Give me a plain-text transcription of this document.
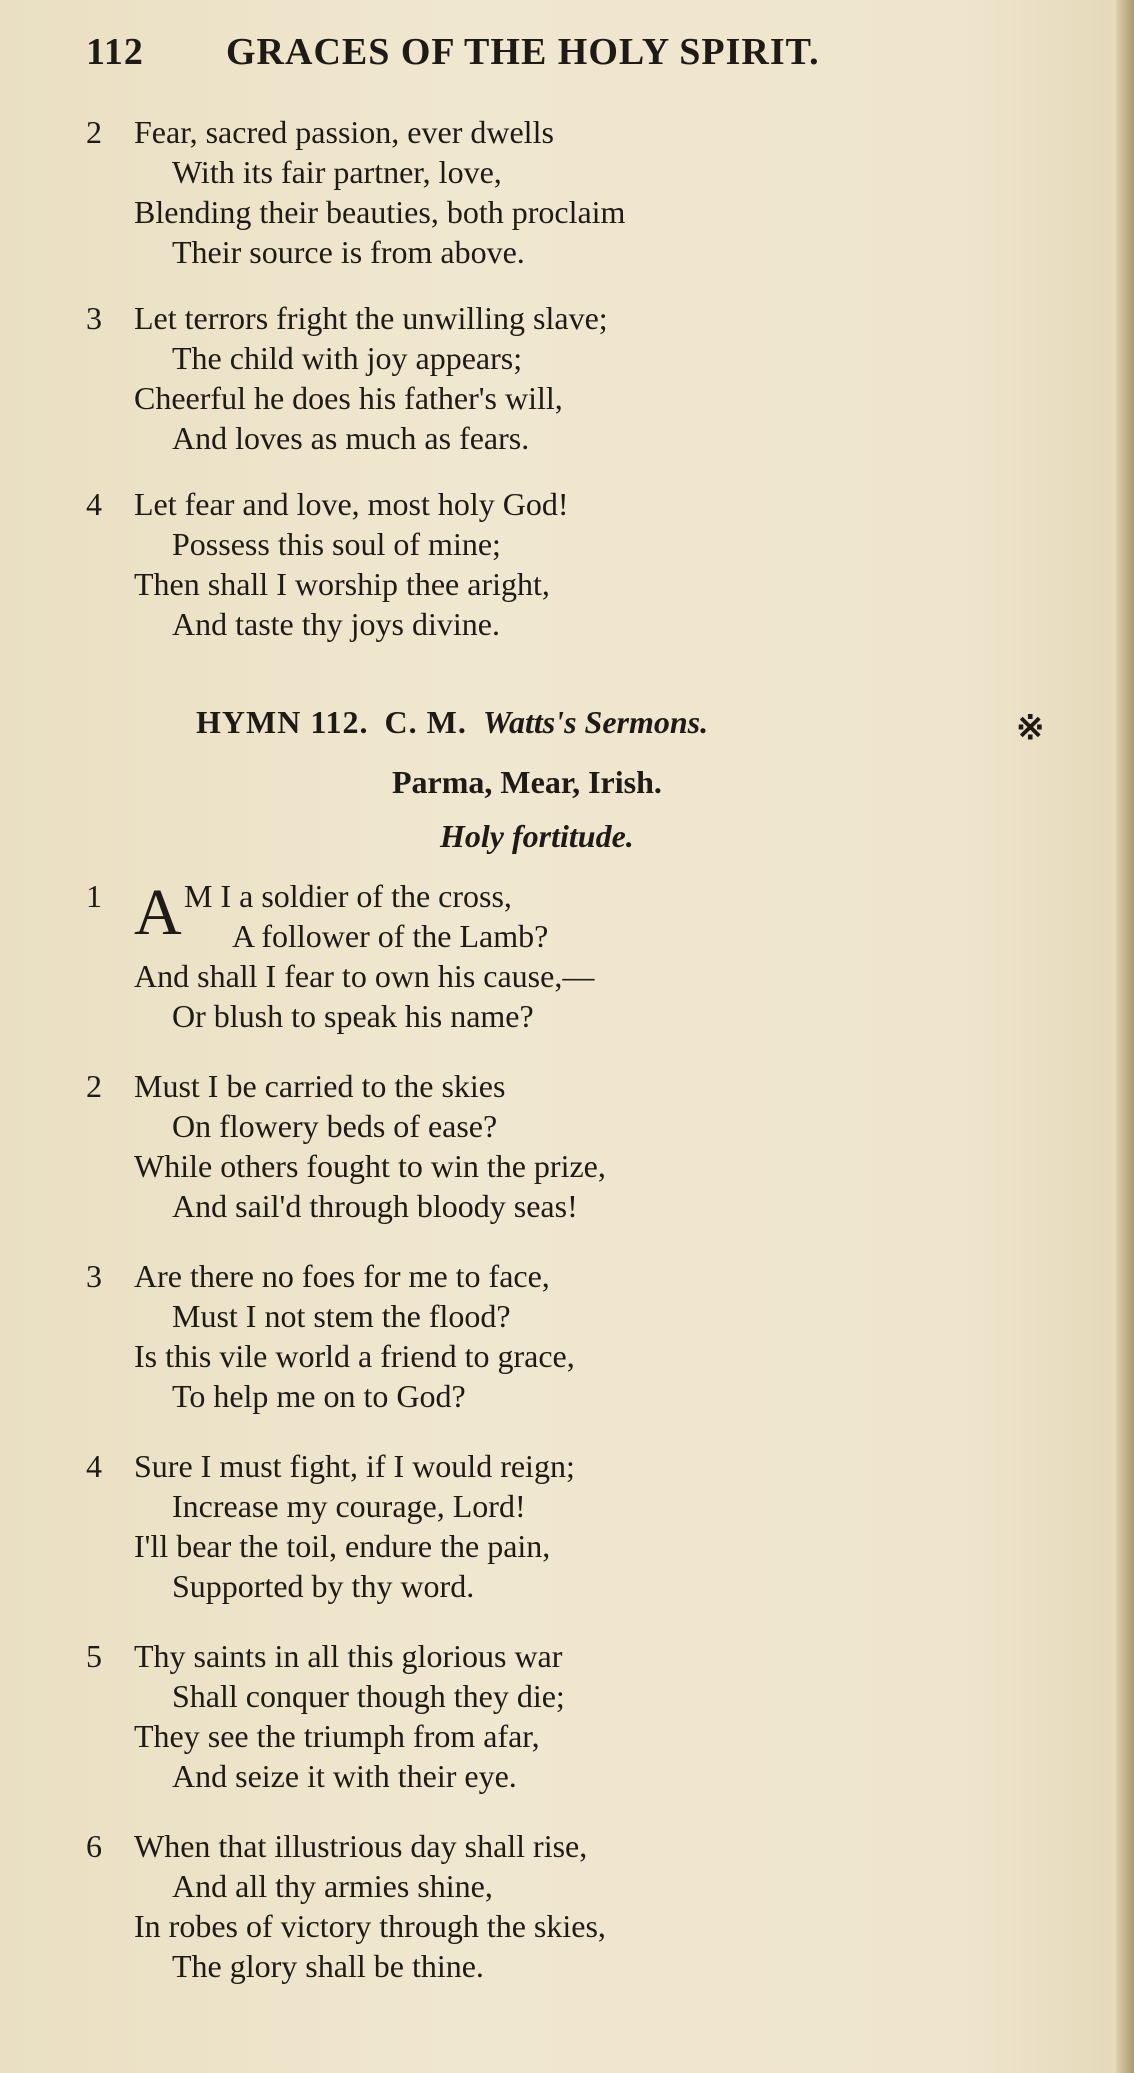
112 GRACES OF THE HOLY SPIRIT.
2	Fear, sacred passion, ever dwells
With its fair partner, love,
Blending their beauties, both proclaim
Their source is from above.
3	Let terrors fright the unwilling slave;
The child with joy appears;
Cheerful he does his father's will,
And loves as much as fears.
4	Let fear and love, most holy God!
Possess this soul of mine;
Then shall I worship thee aright,
And taste thy joys divine.
HYMN 112. C. M. Watts's Sermons.	※
Parma, Mear, Irish.
Holy fortitude.
1 A M I a soldier of the cross,
A follower of the Lamb?
And shall I fear to own his cause,—
Or blush to speak his name?
2	Must I be carried to the skies
On flowery beds of ease?
While others fought to win the prize,
And sail'd through bloody seas!
3	Are there no foes for me to face,
Must I not stem the flood?
Is this vile world a friend to grace,
To help me on to God?
4	Sure I must fight, if I would reign;
Increase my courage, Lord!
I'll bear the toil, endure the pain,
Supported by thy word.
5	Thy saints in all this glorious war
Shall conquer though they die;
They see the triumph from afar,
And seize it with their eye.
6	When that illustrious day shall rise,
And all thy armies shine,
In robes of victory through the skies,
The glory shall be thine.
